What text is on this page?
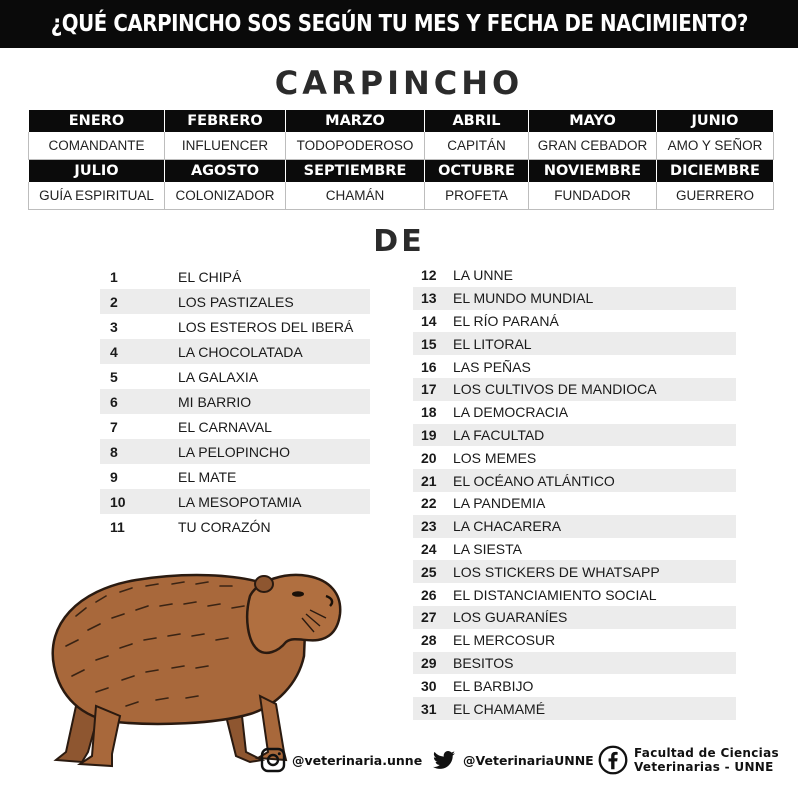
¿QUÉ CARPINCHO SOS SEGÚN TU MES Y FECHA DE NACIMIENTO?
CARPINCHO
ENERO	FEBRERO	MARZO	ABRIL	MAYO	JUNIO
COMANDANTE	INFLUENCER	TODOPODEROSO	CAPITÁN	GRAN CEBADOR	AMO Y SEÑOR

JULIO	AGOSTO	SEPTIEMBRE	OCTUBRE	NOVIEMBRE	DICIEMBRE
GUÍA ESPIRITUAL	COLONIZADOR	CHAMÁN	PROFETA	FUNDADOR	GUERRERO
DE
1	EL CHIPÁ
2	LOS PASTIZALES
3	LOS ESTEROS DEL IBERÁ
4	LA CHOCOLATADA
5	LA GALAXIA
6	MI BARRIO
7	EL CARNAVAL
8	LA PELOPINCHO
9	EL MATE
10	LA MESOPOTAMIA
11	TU CORAZÓN
12	LA UNNE
13	EL MUNDO MUNDIAL
14	EL RÍO PARANÁ
15	EL LITORAL
16	LAS PEÑAS
17	LOS CULTIVOS DE MANDIOCA
18	LA DEMOCRACIA
19	LA FACULTAD
20	LOS MEMES
21	EL OCÉANO ATLÁNTICO
22	LA PANDEMIA
23	LA CHACARERA
24	LA SIESTA
25	LOS STICKERS DE WHATSAPP
26	EL DISTANCIAMIENTO SOCIAL
27	LOS GUARANÍES
28	EL MERCOSUR
29	BESITOS
30	EL BARBIJO
31	EL CHAMAMÉ
@veterinaria.unne	@VeterinariaUNNE	Facultad de Ciencias
Veterinarias - UNNE
